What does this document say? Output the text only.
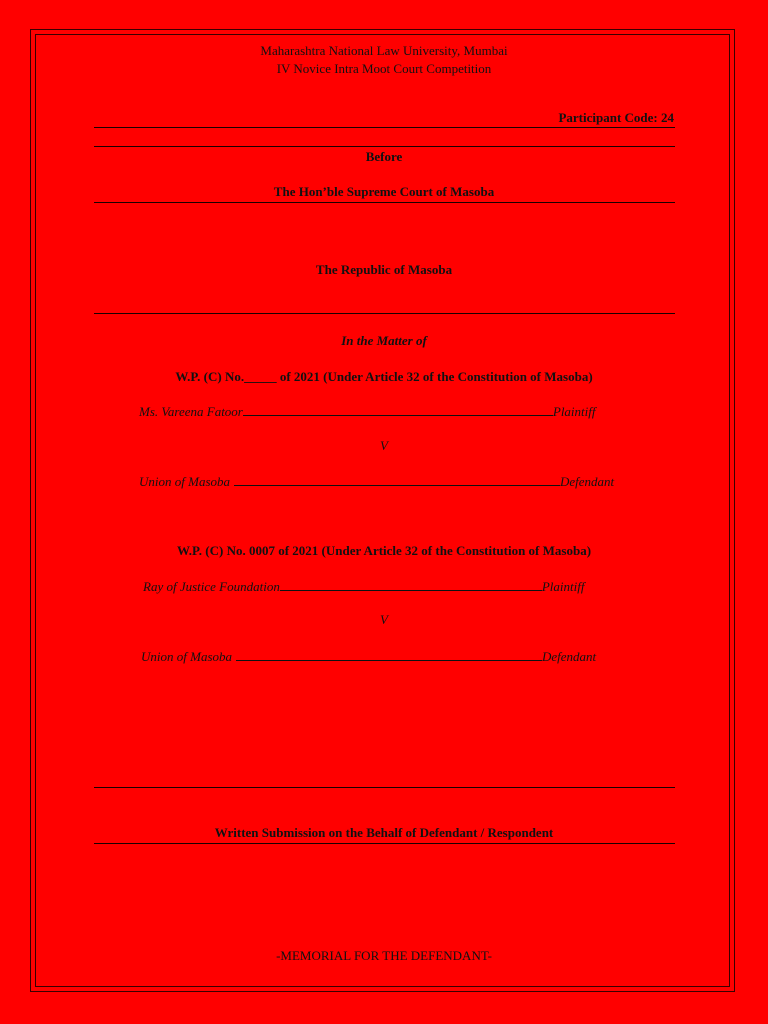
Maharashtra National Law University, Mumbai
IV Novice Intra Moot Court Competition
Participant Code: 24
Before
The Hon’ble Supreme Court of Masoba
The Republic of Masoba
In the Matter of
W.P. (C) No._____ of 2021 (Under Article 32 of the Constitution of Masoba)
Ms. Vareena Fatoor	Plaintiff
V
Union of Masoba	Defendant
W.P. (C) No. 0007 of 2021 (Under Article 32 of the Constitution of Masoba)
Ray of Justice Foundation	Plaintiff
V
Union of Masoba	Defendant
Written Submission on the Behalf of Defendant / Respondent
-MEMORIAL FOR THE DEFENDANT-
